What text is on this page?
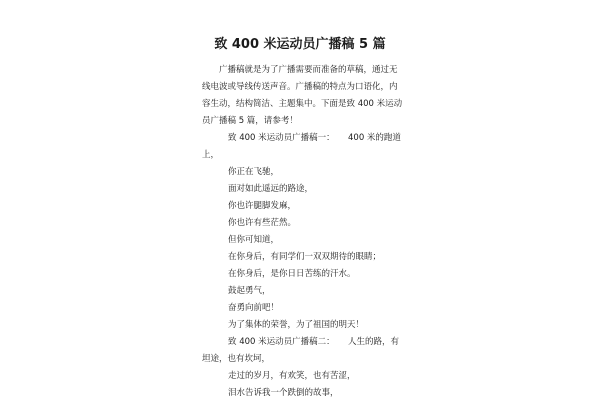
致 400 米运动员广播稿 5 篇

广播稿就是为了广播需要而准备的草稿，通过无线电波或导线传送声音。广播稿的特点为口语化，内容生动，结构简洁、主题集中。下面是致 400 米运动员广播稿 5 篇，请参考！

致 400 米运动员广播稿一： 400 米的跑道

上，

你正在飞驰，

面对如此遥远的路途，

你也许腿脚发麻，

你也许有些茫然。

但你可知道，

在你身后，有同学们一双双期待的眼睛；

在你身后，是你日日苦练的汗水。

鼓起勇气，

奋勇向前吧！

为了集体的荣誉，为了祖国的明天！

致 400 米运动员广播稿二： 人生的路，有

坦途，也有坎坷，

走过的岁月，有欢笑，也有苦涩，

泪水告诉我一个跌倒的故事，
